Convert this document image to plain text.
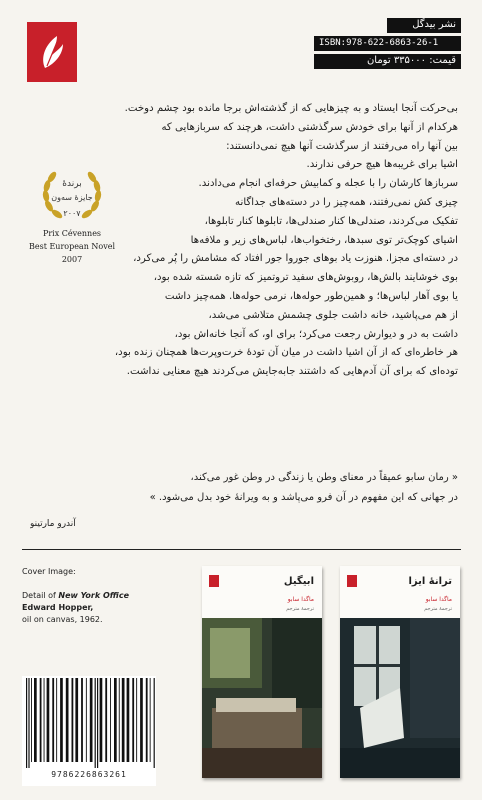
نشر بیدگل
ISBN:978-622-6863-26-1
قیمت: ۳۳۵۰۰۰ تومان
برندهٔ
جایزهٔ سه‌ون
۲۰۰۷
Prix Cévennes
Best European Novel
2007

بی‌حرکت آنجا ایستاد و به چیزهایی که از گذشته‌اش برجا مانده بود چشم دوخت.

هرکدام از آنها برای خودش سرگذشتی داشت، هرچند که سربازهایی که

بین آنها راه می‌رفتند از سرگذشت آنها هیچ نمی‌دانستند:

اشیا برای غریبه‌ها هیچ حرفی ندارند.

سربازها کارشان را با عجله و کمابیش حرفه‌ای انجام می‌دادند.

چیزی کش نمی‌رفتند، همه‌چیز را در دسته‌های جداگانه

تفکیک می‌کردند، صندلی‌ها کنار صندلی‌ها، تابلوها کنار تابلوها،

اشیای کوچک‌تر توی سبدها، رختخواب‌ها، لباس‌های زیر و ملافه‌ها

در دسته‌ای مجزا. هنوزت یاد بوهای جوروا جور افتاد که مشامش را پُر می‌کرد،

بوی خوشایند بالش‌ها، روبوش‌های سفید تروتمیز که تازه شسته شده بود،

یا بوی آهار لباس‌ها؛ و همین‌طور حوله‌ها، نرمی حوله‌ها. همه‌چیز داشت

از هم می‌پاشید، خانه داشت جلوی چشمش متلاشی می‌شد،

داشت به در و دیوارش رجعت می‌کرد؛ برای او، که آنجا خانه‌اش بود،

هر خاطره‌ای که از آن اشیا داشت در میان آن تودهٔ خرت‌وپرت‌ها همچنان زنده بود،

توده‌ای که برای آن آدم‌هایی که داشتند جابه‌جایش می‌کردند هیچ معنایی نداشت.

« رمان سابو عمیقاً در معنای وطن یا زندگی در وطن غور می‌کند،

در جهانی که این مفهوم در آن فرو می‌پاشد و به ویرانهٔ خود بدل می‌شود. »

آندرو مارتینو

Cover Image:
Detail of New York Office
Edward Hopper,
oil on canvas, 1962.
9786226863261
ابیگیل
ماگدا سابو
ترجمهٔ مترجم
ترانهٔ ایزا
ماگدا سابو
ترجمهٔ مترجم
